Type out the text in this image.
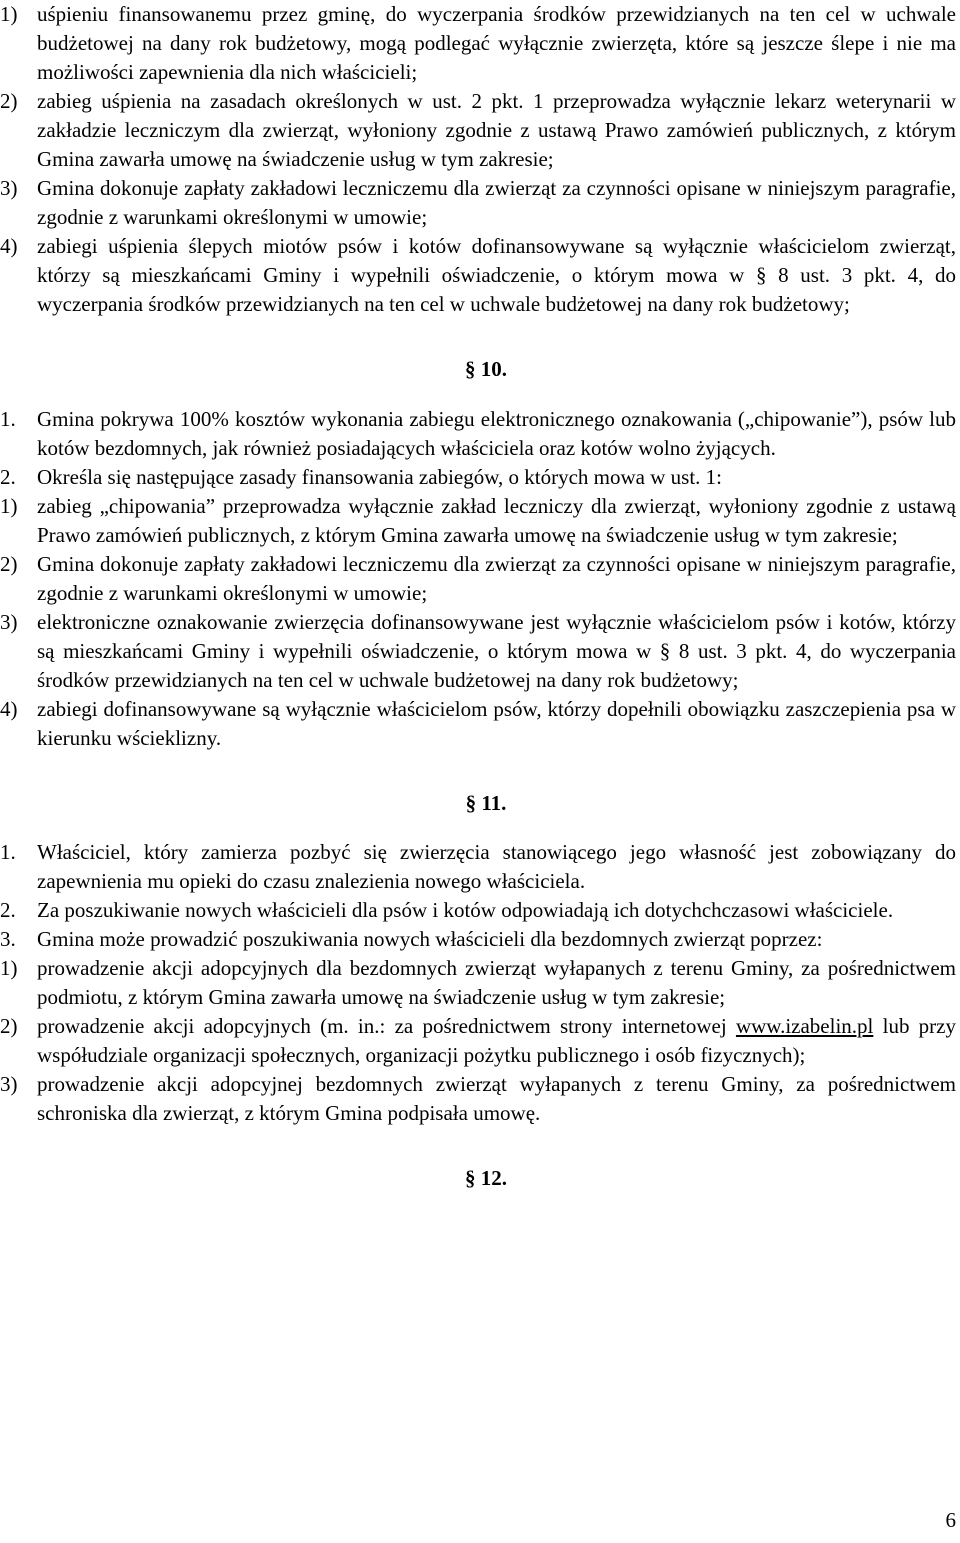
1) uśpieniu finansowanemu przez gminę, do wyczerpania środków przewidzianych na ten cel w uchwale budżetowej na dany rok budżetowy, mogą podlegać wyłącznie zwierzęta, które są jeszcze ślepe i nie ma możliwości zapewnienia dla nich właścicieli;

2) zabieg uśpienia na zasadach określonych w ust. 2 pkt. 1 przeprowadza wyłącznie lekarz weterynarii w zakładzie leczniczym dla zwierząt, wyłoniony zgodnie z ustawą Prawo zamówień publicznych, z którym Gmina zawarła umowę na świadczenie usług w tym zakresie;

3) Gmina dokonuje zapłaty zakładowi leczniczemu dla zwierząt za czynności opisane w niniejszym paragrafie, zgodnie z warunkami określonymi w umowie;

4) zabiegi uśpienia ślepych miotów psów i kotów dofinansowywane są wyłącznie właścicielom zwierząt, którzy są mieszkańcami Gminy i wypełnili oświadczenie, o którym mowa w § 8 ust. 3 pkt. 4, do wyczerpania środków przewidzianych na ten cel w uchwale budżetowej na dany rok budżetowy;

§ 10.

1. Gmina pokrywa 100% kosztów wykonania zabiegu elektronicznego oznakowania („chipowanie”), psów lub kotów bezdomnych, jak również posiadających właściciela oraz kotów wolno żyjących.

2. Określa się następujące zasady finansowania zabiegów, o których mowa w ust. 1:

1) zabieg „chipowania” przeprowadza wyłącznie zakład leczniczy dla zwierząt, wyłoniony zgodnie z ustawą Prawo zamówień publicznych, z którym Gmina zawarła umowę na świadczenie usług w tym zakresie;

2) Gmina dokonuje zapłaty zakładowi leczniczemu dla zwierząt za czynności opisane w niniejszym paragrafie, zgodnie z warunkami określonymi w umowie;

3) elektroniczne oznakowanie zwierzęcia dofinansowywane jest wyłącznie właścicielom psów i kotów, którzy są mieszkańcami Gminy i wypełnili oświadczenie, o którym mowa w § 8 ust. 3 pkt. 4, do wyczerpania środków przewidzianych na ten cel w uchwale budżetowej na dany rok budżetowy;

4) zabiegi dofinansowywane są wyłącznie właścicielom psów, którzy dopełnili obowiązku zaszczepienia psa w kierunku wścieklizny.

§ 11.

1. Właściciel, który zamierza pozbyć się zwierzęcia stanowiącego jego własność jest zobowiązany do zapewnienia mu opieki do czasu znalezienia nowego właściciela.

2. Za poszukiwanie nowych właścicieli dla psów i kotów odpowiadają ich dotychchczasowi właściciele.

3. Gmina może prowadzić poszukiwania nowych właścicieli dla bezdomnych zwierząt poprzez:

1) prowadzenie akcji adopcyjnych dla bezdomnych zwierząt wyłapanych z terenu Gminy, za pośrednictwem podmiotu, z którym Gmina zawarła umowę na świadczenie usług w tym zakresie;

2) prowadzenie akcji adopcyjnych (m. in.: za pośrednictwem strony internetowej www.izabelin.pl lub przy współudziale organizacji społecznych, organizacji pożytku publicznego i osób fizycznych);

3) prowadzenie akcji adopcyjnej bezdomnych zwierząt wyłapanych z terenu Gminy, za pośrednictwem schroniska dla zwierząt, z którym Gmina podpisała umowę.

§ 12.

6
